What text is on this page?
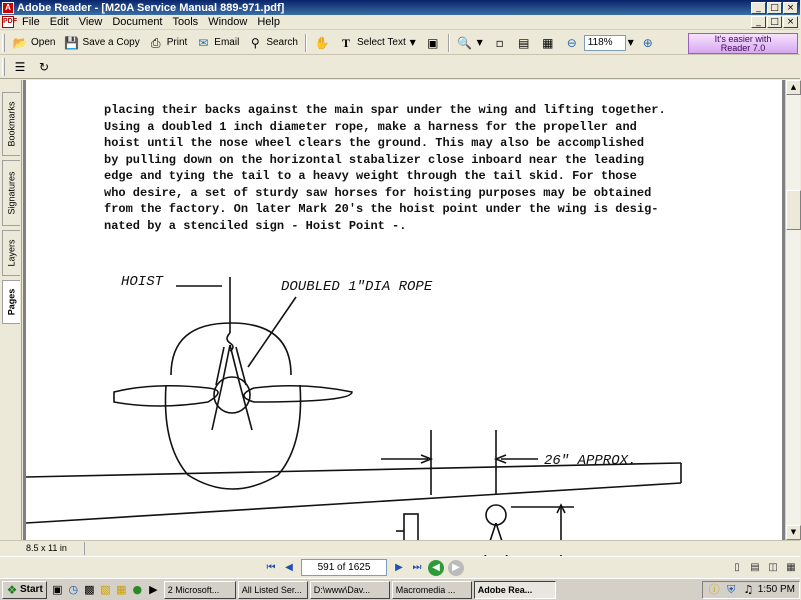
A Adobe Reader - [M20A Service Manual 889-971.pdf]	_	□ ×
PDF File Edit View Document Tools Window Help	_	□ ×
📂 Open 💾 Save a Copy ⎙ Print ✉ Email ⚲ Search ✋	T Select Text ▼ ▣ 🔍 ▼	▫	▤ ▦ ⊖	118%	▼ ⊕	It's easier with
Reader 7.0
☰ ↻
Bookmarks
Signatures
Layers
Pages
placing their backs against the main spar under the wing and lifting together.
Using a doubled 1 inch diameter rope, make a harness for the propeller and
hoist until the nose wheel clears the ground. This may also be accomplished
by pulling down on the horizontal stabalizer close inboard near the leading
edge and tying the tail to a heavy weight through the tail skid. For those
who desire, a set of sturdy saw horses for hoisting purposes may be obtained
from the factory. On later Mark 20's the hoist point under the wing is desig-
nated by a stenciled sign - Hoist Point -.
HOIST	DOUBLED 1"DIA ROPE
26" APPROX.
▲
▼
8.5 x 11 in
⏮ ◀	591 of 1625	▶ ⏭	◀	▶	▯	▤ ◫ ▦
❖ Start ▣ ◷ ▩ ▧ ▦ ● ▶	2 Microsoft...	All Listed Ser...	D:\www\Dav...	Macromedia ...	Adobe Rea...	ⓘ ⛨ ♫ 1:50 PM
